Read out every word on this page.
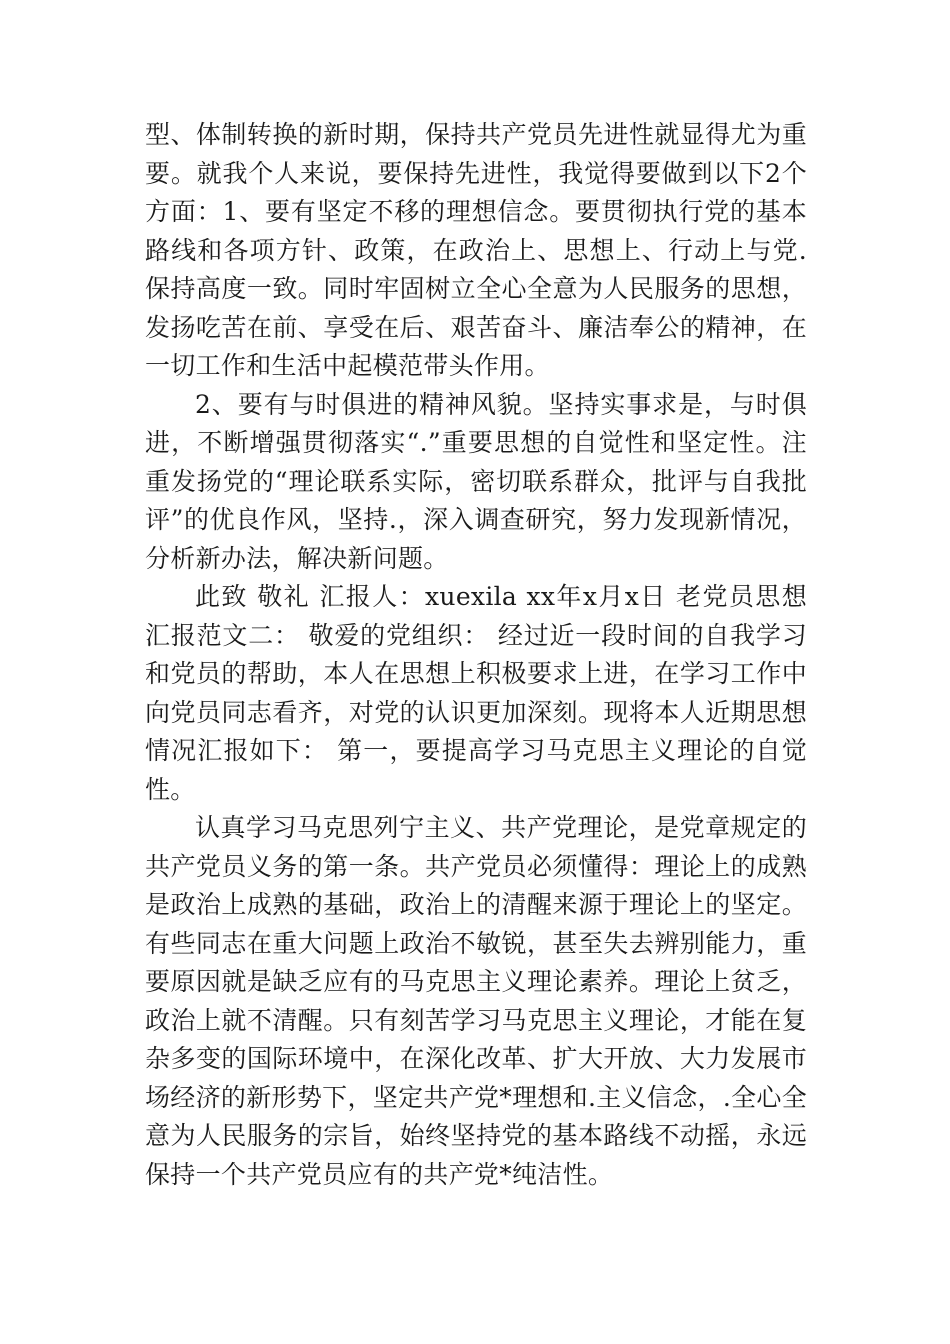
型、体制转换的新时期，保持共产党员先进性就显得尤为重要。就我个人来说，要保持先进性，我觉得要做到以下2个方面：1、要有坚定不移的理想信念。要贯彻执行党的基本路线和各项方针、政策，在政治上、思想上、行动上与党.保持高度一致。同时牢固树立全心全意为人民服务的思想，发扬吃苦在前、享受在后、艰苦奋斗、廉洁奉公的精神，在一切工作和生活中起模范带头作用。

2、要有与时俱进的精神风貌。坚持实事求是，与时俱进，不断增强贯彻落实“.”重要思想的自觉性和坚定性。注重发扬党的“理论联系实际，密切联系群众，批评与自我批评”的优良作风，坚持.，深入调查研究，努力发现新情况，分析新办法，解决新问题。

此致 敬礼 汇报人：xuexila xx年x月x日 老党员思想汇报范文二： 敬爱的党组织： 经过近一段时间的自我学习和党员的帮助，本人在思想上积极要求上进，在学习工作中向党员同志看齐，对党的认识更加深刻。现将本人近期思想情况汇报如下： 第一，要提高学习马克思主义理论的自觉性。

认真学习马克思列宁主义、共产党理论，是党章规定的共产党员义务的第一条。共产党员必须懂得：理论上的成熟是政治上成熟的基础，政治上的清醒来源于理论上的坚定。有些同志在重大问题上政治不敏锐，甚至失去辨别能力，重要原因就是缺乏应有的马克思主义理论素养。理论上贫乏，政治上就不清醒。只有刻苦学习马克思主义理论，才能在复杂多变的国际环境中，在深化改革、扩大开放、大力发展市场经济的新形势下，坚定共产党*理想和.主义信念，.全心全意为人民服务的宗旨，始终坚持党的基本路线不动摇，永远保持一个共产党员应有的共产党*纯洁性。
